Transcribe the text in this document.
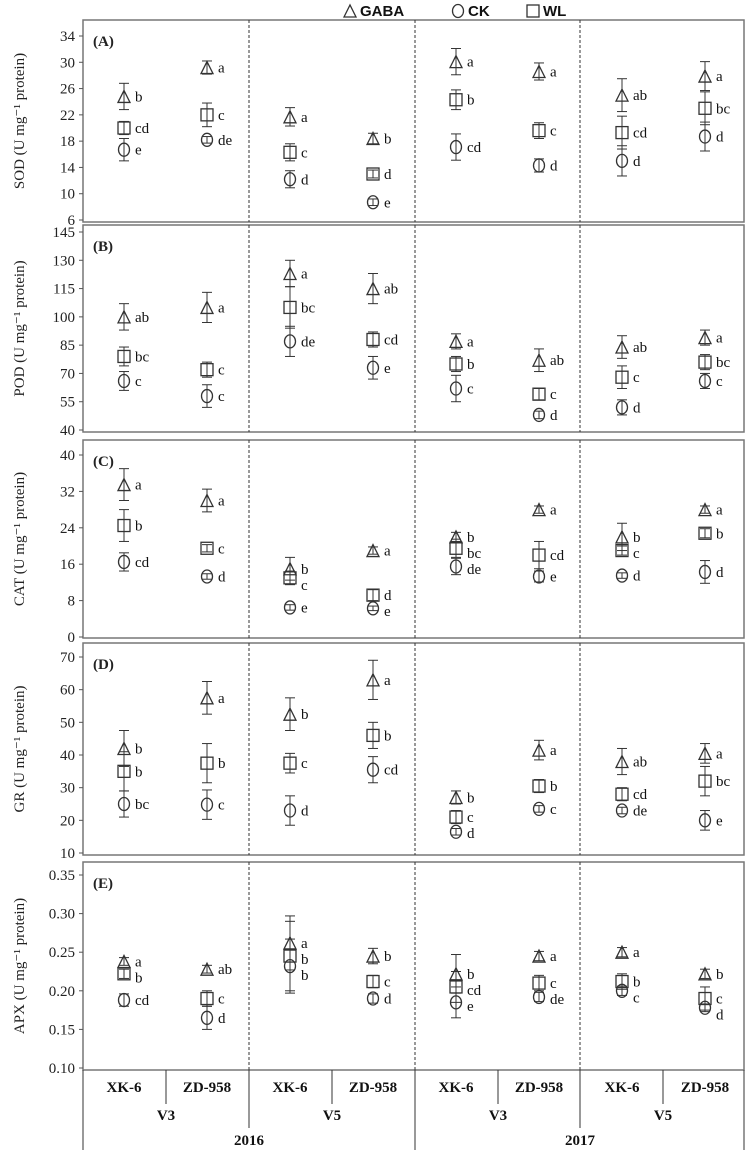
GABA	CK	WL
(A)
6
10
14
18
22
26
30
34
SOD (U mg⁻¹ protein)	b
cd
e
a
c
de
a
c
d
b
d
e
a
b
cd
a
c
d
ab
cd
d
a
bc
d
(B)
40
55
70
85
100
115
130
145
POD (U mg⁻¹ protein)	ab
bc
c
a
c
c
a
bc
de
ab
cd
e
a
b
c
ab
c
d
ab
c
d
a
bc
c
(C)
0
8
16
24
32
40
CAT (U mg⁻¹ protein)	a
b
cd
a
c
d	b
c
e
a
d
e
b
bc
de
a
cd
e
b
c
d
a
b
d
(D)
10
20
30
40
50
60
70
GR (U mg⁻¹ protein)	b
b
bc
a
b
c
b
c
d
a
b
cd
b
c
d
a
b
c
ab
cd
de
a
bc
e
(E)
0.10
0.15
0.20
0.25
0.30
0.35
APX (U mg⁻¹ protein)	a
b
cd
ab
c
d
a
b
b
b
c
d
b
cd
e
a
c
de
a
b
c
b
c
d
XK-6	ZD-958	XK-6	ZD-958	XK-6	ZD-958	XK-6	ZD-958
V3	V5	V3	V5
2016	2017
